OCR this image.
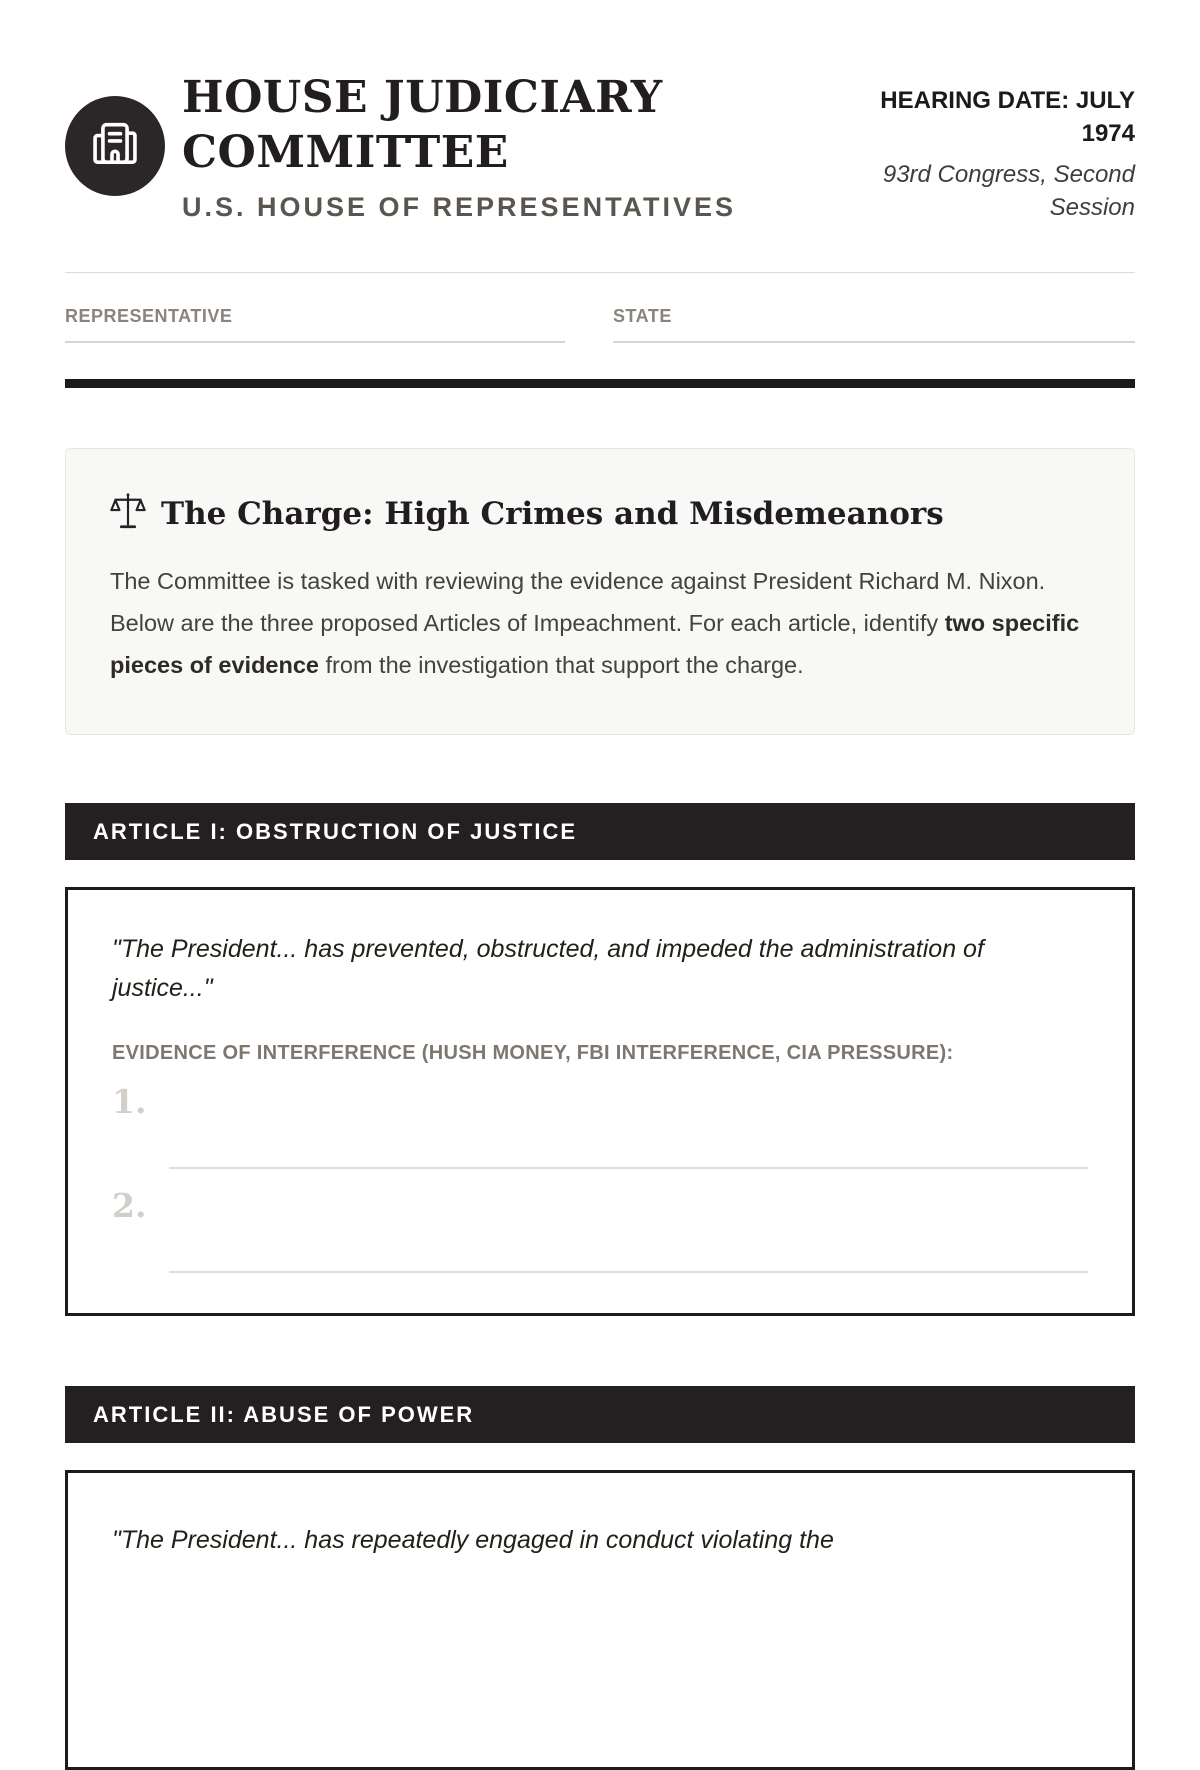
HOUSE JUDICIARY
COMMITTEE
U.S. HOUSE OF REPRESENTATIVES
HEARING DATE: JULY 1974
93rd Congress, Second Session
REPRESENTATIVE	STATE
The Charge: High Crimes and Misdemeanors

The Committee is tasked with reviewing the evidence against President Richard M. Nixon. Below are the three proposed Articles of Impeachment. For each article, identify two specific pieces of evidence from the investigation that support the charge.

ARTICLE I: OBSTRUCTION OF JUSTICE
"The President... has prevented, obstructed, and impeded the administration of justice..."
EVIDENCE OF INTERFERENCE (HUSH MONEY, FBI INTERFERENCE, CIA PRESSURE):
1.
2.
ARTICLE II: ABUSE OF POWER
"The President... has repeatedly engaged in conduct violating the
